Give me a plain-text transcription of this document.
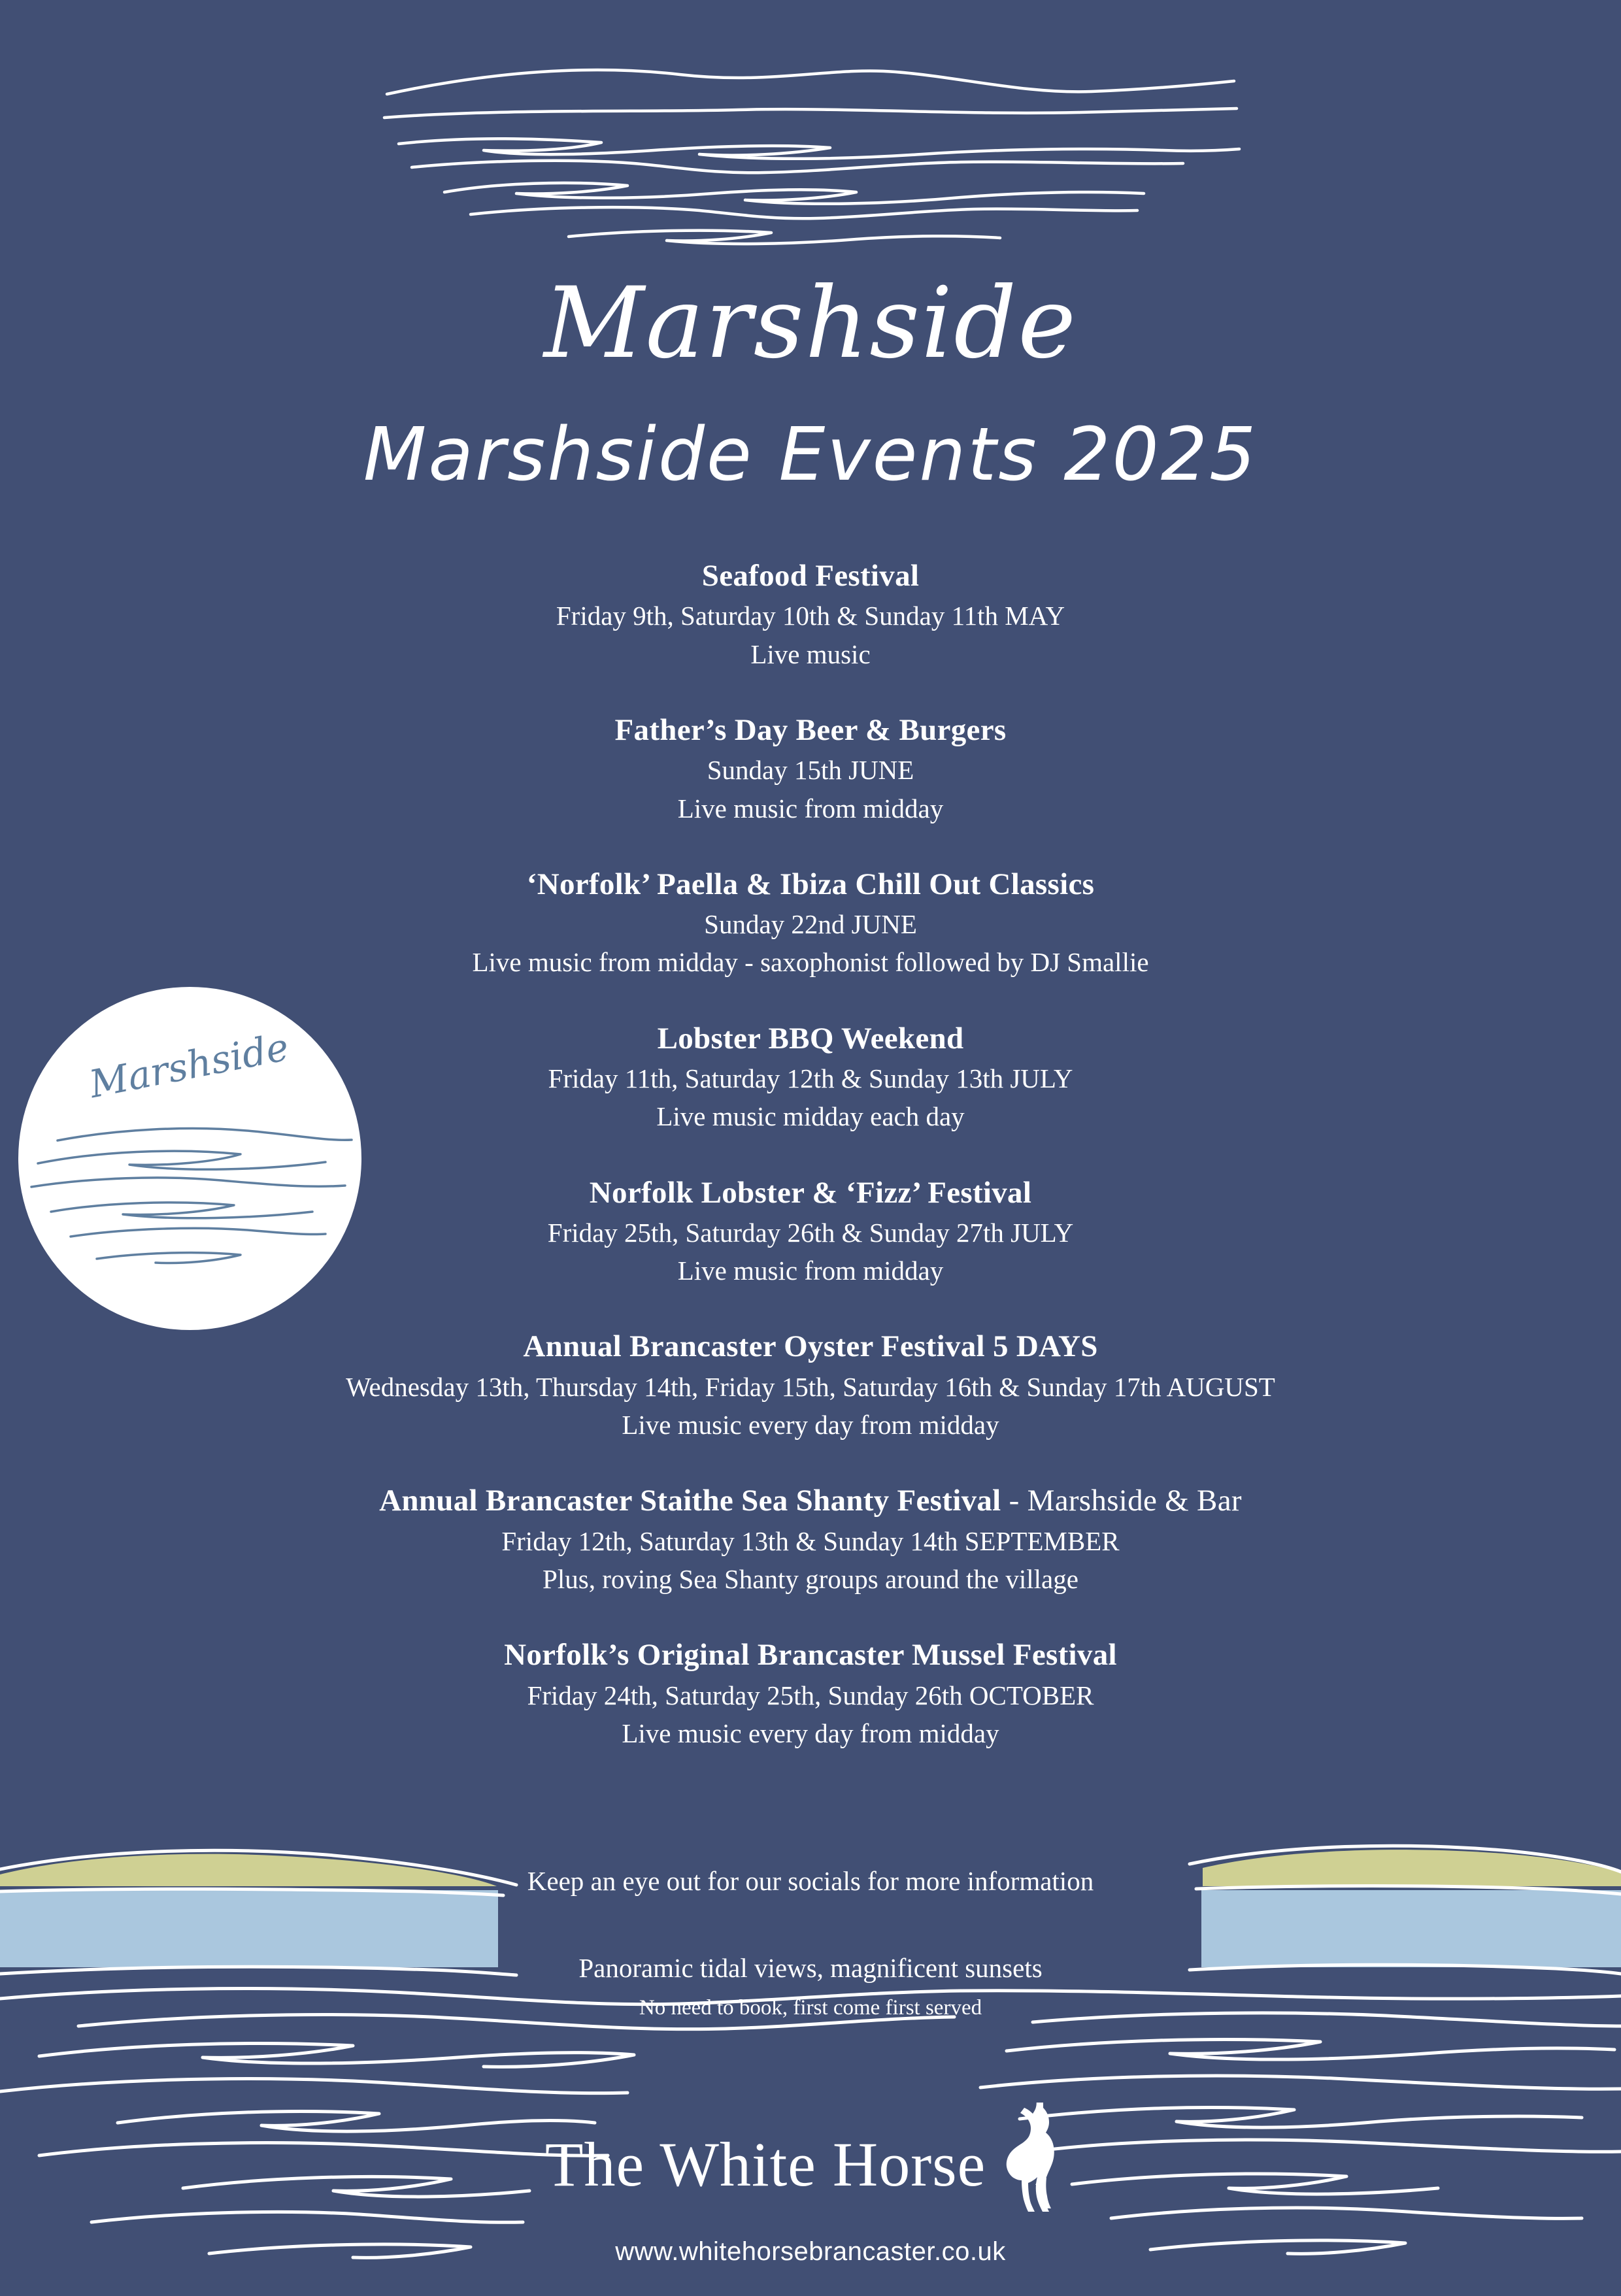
Marshside
Marshside Events 2025
Marshside
Seafood Festival
Friday 9th, Saturday 10th & Sunday 11th MAY
Live music
Father’s Day Beer & Burgers
Sunday 15th JUNE
Live music from midday
‘Norfolk’ Paella & Ibiza Chill Out Classics
Sunday 22nd JUNE
Live music from midday - saxophonist followed by DJ Smallie
Lobster BBQ Weekend
Friday 11th, Saturday 12th & Sunday 13th JULY
Live music midday each day
Norfolk Lobster & ‘Fizz’ Festival
Friday 25th, Saturday 26th & Sunday 27th JULY
Live music from midday
Annual Brancaster Oyster Festival 5 DAYS
Wednesday 13th, Thursday 14th, Friday 15th, Saturday 16th & Sunday 17th AUGUST
Live music every day from midday
Annual Brancaster Staithe Sea Shanty Festival - Marshside & Bar
Friday 12th, Saturday 13th & Sunday 14th SEPTEMBER
Plus, roving Sea Shanty groups around the village
Norfolk’s Original Brancaster Mussel Festival
Friday 24th, Saturday 25th, Sunday 26th OCTOBER
Live music every day from midday
Keep an eye out for our socials for more information
Panoramic tidal views, magnificent sunsets
No need to book, first come first served
The White Horse
www.whitehorsebrancaster.co.uk
